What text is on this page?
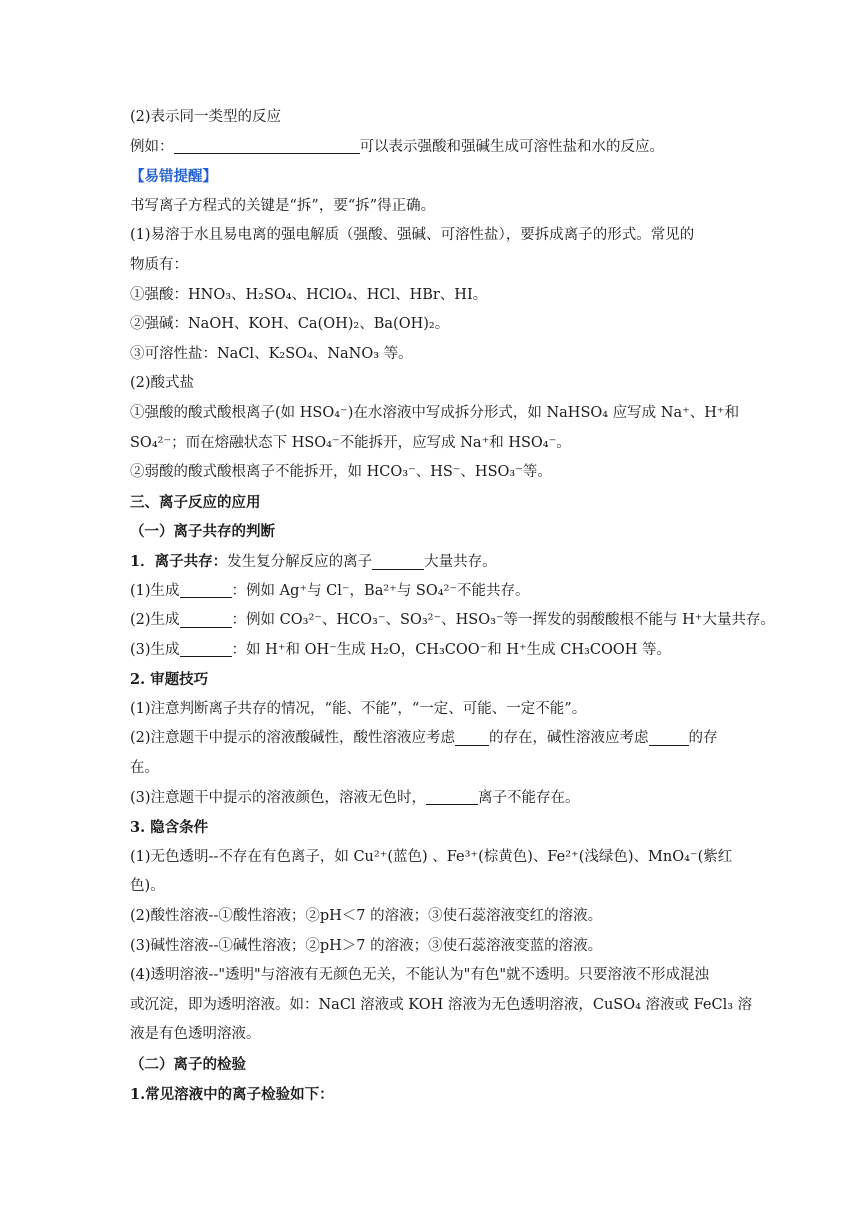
(2)表示同一类型的反应
例如：	可以表示强酸和强碱生成可溶性盐和水的反应。
【易错提醒】
书写离子方程式的关键是“拆”，要“拆”得正确。
(1)易溶于水且易电离的强电解质（强酸、强碱、可溶性盐），要拆成离子的形式。常见的
物质有：
①强酸：HNO₃、H₂SO₄、HClO₄、HCl、HBr、HI。
②强碱：NaOH、KOH、Ca(OH)₂、Ba(OH)₂。
③可溶性盐：NaCl、K₂SO₄、NaNO₃ 等。
(2)酸式盐
①强酸的酸式酸根离子(如 HSO₄⁻)在水溶液中写成拆分形式，如 NaHSO₄ 应写成 Na⁺、H⁺和
SO₄²⁻；而在熔融状态下 HSO₄⁻不能拆开，应写成 Na⁺和 HSO₄⁻。
②弱酸的酸式酸根离子不能拆开，如 HCO₃⁻、HS⁻、HSO₃⁻等。
三、离子反应的应用
（一）离子共存的判断
1．离子共存：发生复分解反应的离子	大量共存。
(1)生成	：例如 Ag⁺与 Cl⁻，Ba²⁺与 SO₄²⁻不能共存。
(2)生成	：例如 CO₃²⁻、HCO₃⁻、SO₃²⁻、HSO₃⁻等一挥发的弱酸酸根不能与 H⁺大量共存。
(3)生成	：如 H⁺和 OH⁻生成 H₂O，CH₃COO⁻和 H⁺生成 CH₃COOH 等。
2. 审题技巧
(1)注意判断离子共存的情况，“能、不能”，“一定、可能、一定不能”。
(2)注意题干中提示的溶液酸碱性，酸性溶液应考虑 的存在，碱性溶液应考虑	的存
在。
(3)注意题干中提示的溶液颜色，溶液无色时，	离子不能存在。
3. 隐含条件
(1)无色透明--不存在有色离子，如 Cu²⁺(蓝色) 、Fe³⁺(棕黄色)、Fe²⁺(浅绿色)、MnO₄⁻(紫红
色)。
(2)酸性溶液--①酸性溶液；②pH＜7 的溶液；③使石蕊溶液变红的溶液。
(3)碱性溶液--①碱性溶液；②pH＞7 的溶液；③使石蕊溶液变蓝的溶液。
(4)透明溶液--"透明"与溶液有无颜色无关，不能认为"有色"就不透明。只要溶液不形成混浊
或沉淀，即为透明溶液。如：NaCl 溶液或 KOH 溶液为无色透明溶液，CuSO₄ 溶液或 FeCl₃ 溶
液是有色透明溶液。
（二）离子的检验
1.常见溶液中的离子检验如下：
